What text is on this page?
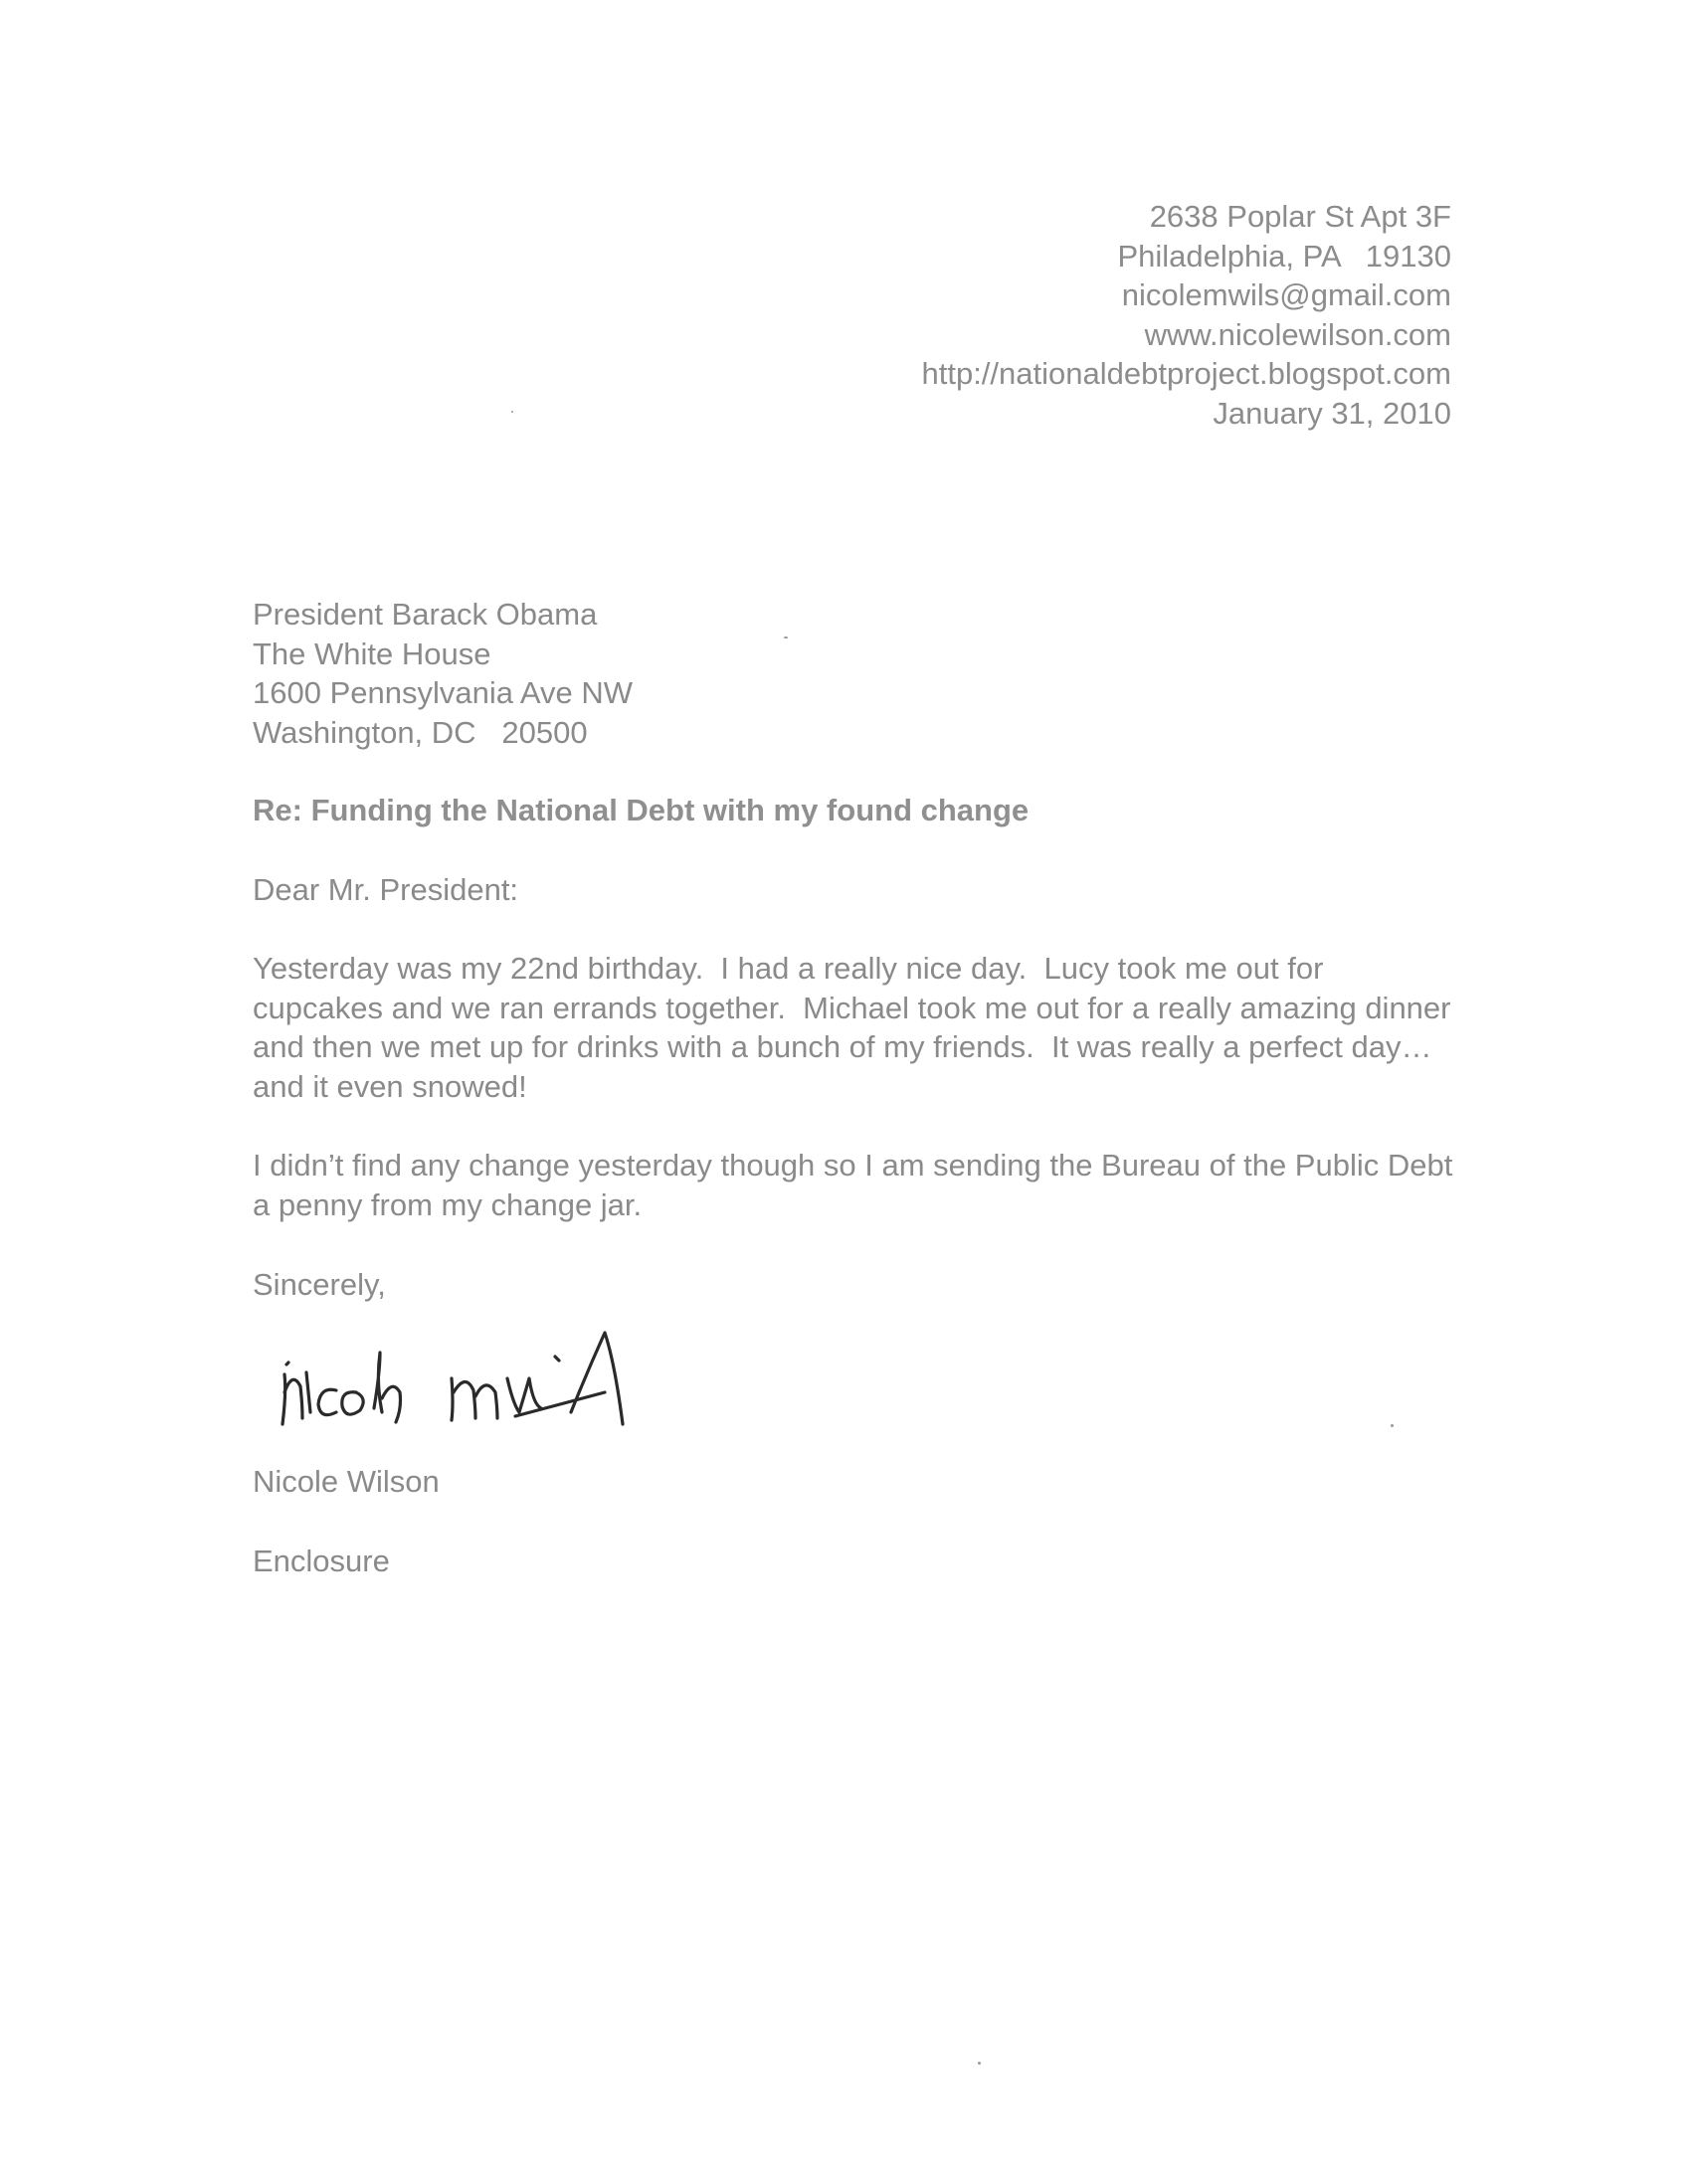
2638 Poplar St Apt 3F
Philadelphia, PA   19130
nicolemwils@gmail.com
www.nicolewilson.com
http://nationaldebtproject.blogspot.com
January 31, 2010
President Barack Obama
The White House
1600 Pennsylvania Ave NW
Washington, DC   20500
Re: Funding the National Debt with my found change
Dear Mr. President:
Yesterday was my 22nd birthday.  I had a really nice day.  Lucy took me out for cupcakes and we ran errands together.  Michael took me out for a really amazing dinner and then we met up for drinks with a bunch of my friends.  It was really a perfect day… and it even snowed!
I didn’t find any change yesterday though so I am sending the Bureau of the Public Debt a penny from my change jar.
Sincerely,
Nicole Wilson
Enclosure
